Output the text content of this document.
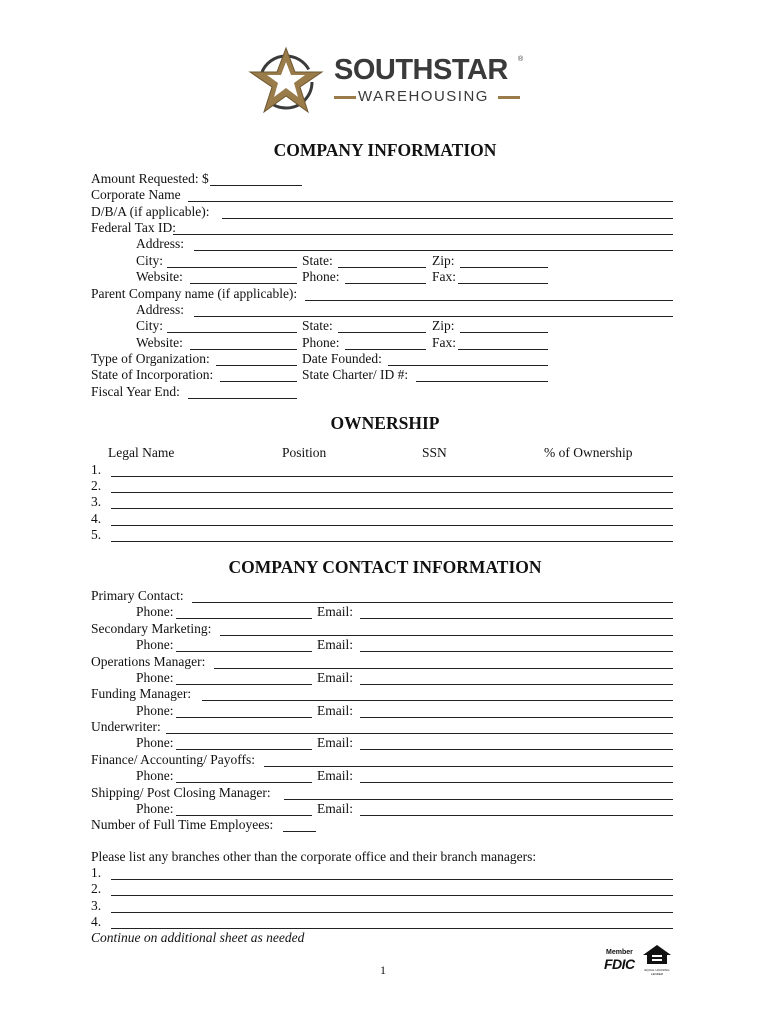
SOUTHSTAR ®
WAREHOUSING
COMPANY INFORMATION
Amount Requested: $
Corporate Name
D/B/A (if applicable):
Federal Tax ID:
Address:
City:	State:	Zip:
Website:	Phone:	Fax:
Parent Company name (if applicable):
Address:
City:	State:	Zip:
Website:	Phone:	Fax:
Type of Organization:	Date Founded:
State of Incorporation:	State Charter/ ID #:
Fiscal Year End:
OWNERSHIP
Legal Name	Position	SSN	% of Ownership
1.
2.
3.
4.
5.
COMPANY CONTACT INFORMATION
Primary Contact:
Phone:	Email:
Secondary Marketing:
Phone:	Email:
Operations Manager:
Phone:	Email:
Funding Manager:
Phone:	Email:
Underwriter:
Phone:	Email:
Finance/ Accounting/ Payoffs:
Phone:	Email:
Shipping/ Post Closing Manager:
Phone:	Email:
Number of Full Time Employees:
Please list any branches other than the corporate office and their branch managers:
1.
2.
3.
4.
Continue on additional sheet as needed
1
Member
FDIC	EQUAL HOUSING LENDER
